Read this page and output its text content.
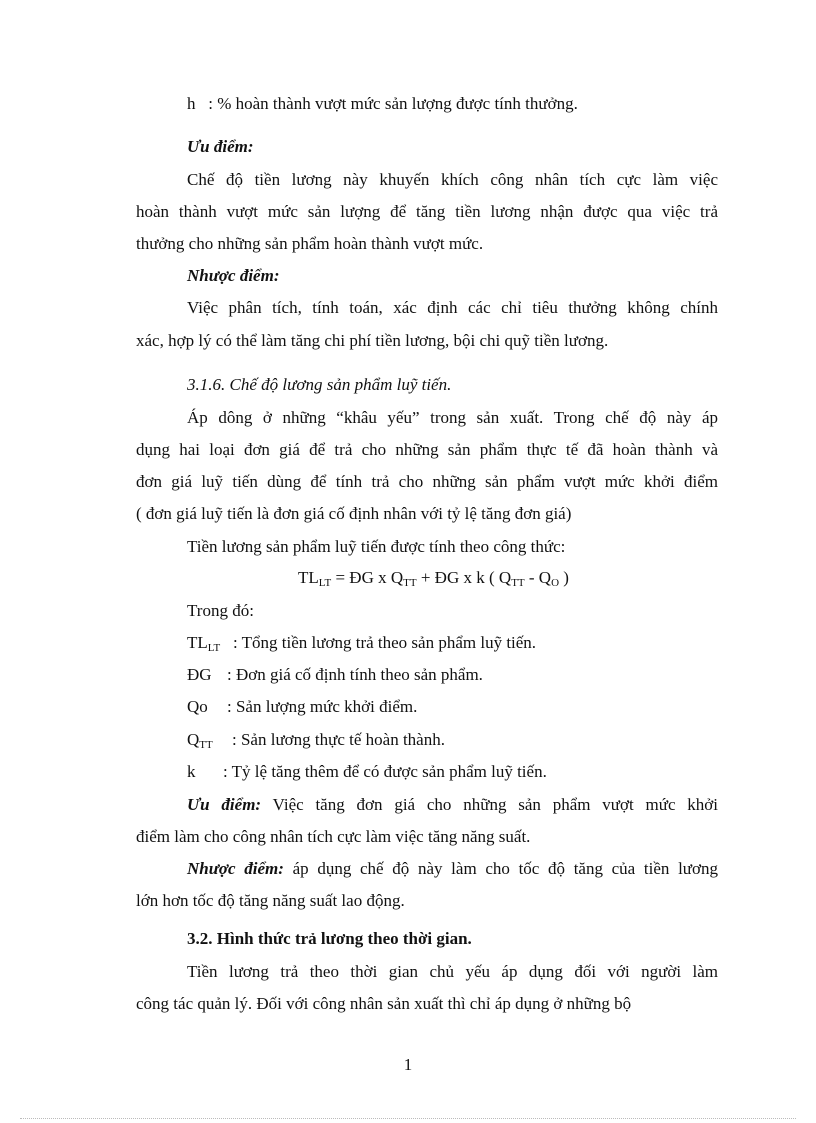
h : % hoàn thành vượt mức sản lượng được tính thưởng.
Ưu điểm:
Chế độ tiền lương này khuyến khích công nhân tích cực làm việc
hoàn thành vượt mức sản lượng để tăng tiền lương nhận được qua việc trả
thưởng cho những sản phẩm hoàn thành vượt mức.
Nhược điểm:
Việc phân tích, tính toán, xác định các chỉ tiêu thưởng không chính
xác, hợp lý có thể làm tăng chi phí tiền lương, bội chi quỹ tiền lương.
3.1.6. Chế độ lương sản phẩm luỹ tiến.
Áp dông ở những “khâu yếu” trong sản xuất. Trong chế độ này áp
dụng hai loại đơn giá để trả cho những sản phẩm thực tế đã hoàn thành và
đơn giá luỹ tiến dùng để tính trả cho những sản phẩm vượt mức khởi điểm
( đơn giá luỹ tiến là đơn giá cố định nhân với tỷ lệ tăng đơn giá)
Tiền lương sản phẩm luỹ tiến được tính theo công thức:
$TL_{LT}$ = ĐG x $Q_{TT}$ + ĐG x k ( $Q_{TT} - Q_O$ )
Trong đó:
$TL_{LT}$ : Tổng tiền lương trả theo sản phẩm luỹ tiến.
ĐG : Đơn giá cố định tính theo sản phẩm.
Qo : Sản lượng mức khởi điểm.
$Q_{TT}$ : Sản lương thực tế hoàn thành.
k : Tỷ lệ tăng thêm để có được sản phẩm luỹ tiến.
Ưu điểm: Việc tăng đơn giá cho những sản phẩm vượt mức khởi
điểm làm cho công nhân tích cực làm việc tăng năng suất.
Nhược điểm: áp dụng chế độ này làm cho tốc độ tăng của tiền lương
lớn hơn tốc độ tăng năng suất lao động.
3.2. Hình thức trả lương theo thời gian.
Tiền lương trả theo thời gian chủ yếu áp dụng đối với người làm
công tác quản lý. Đối với công nhân sản xuất thì chỉ áp dụng ở những bộ
1
